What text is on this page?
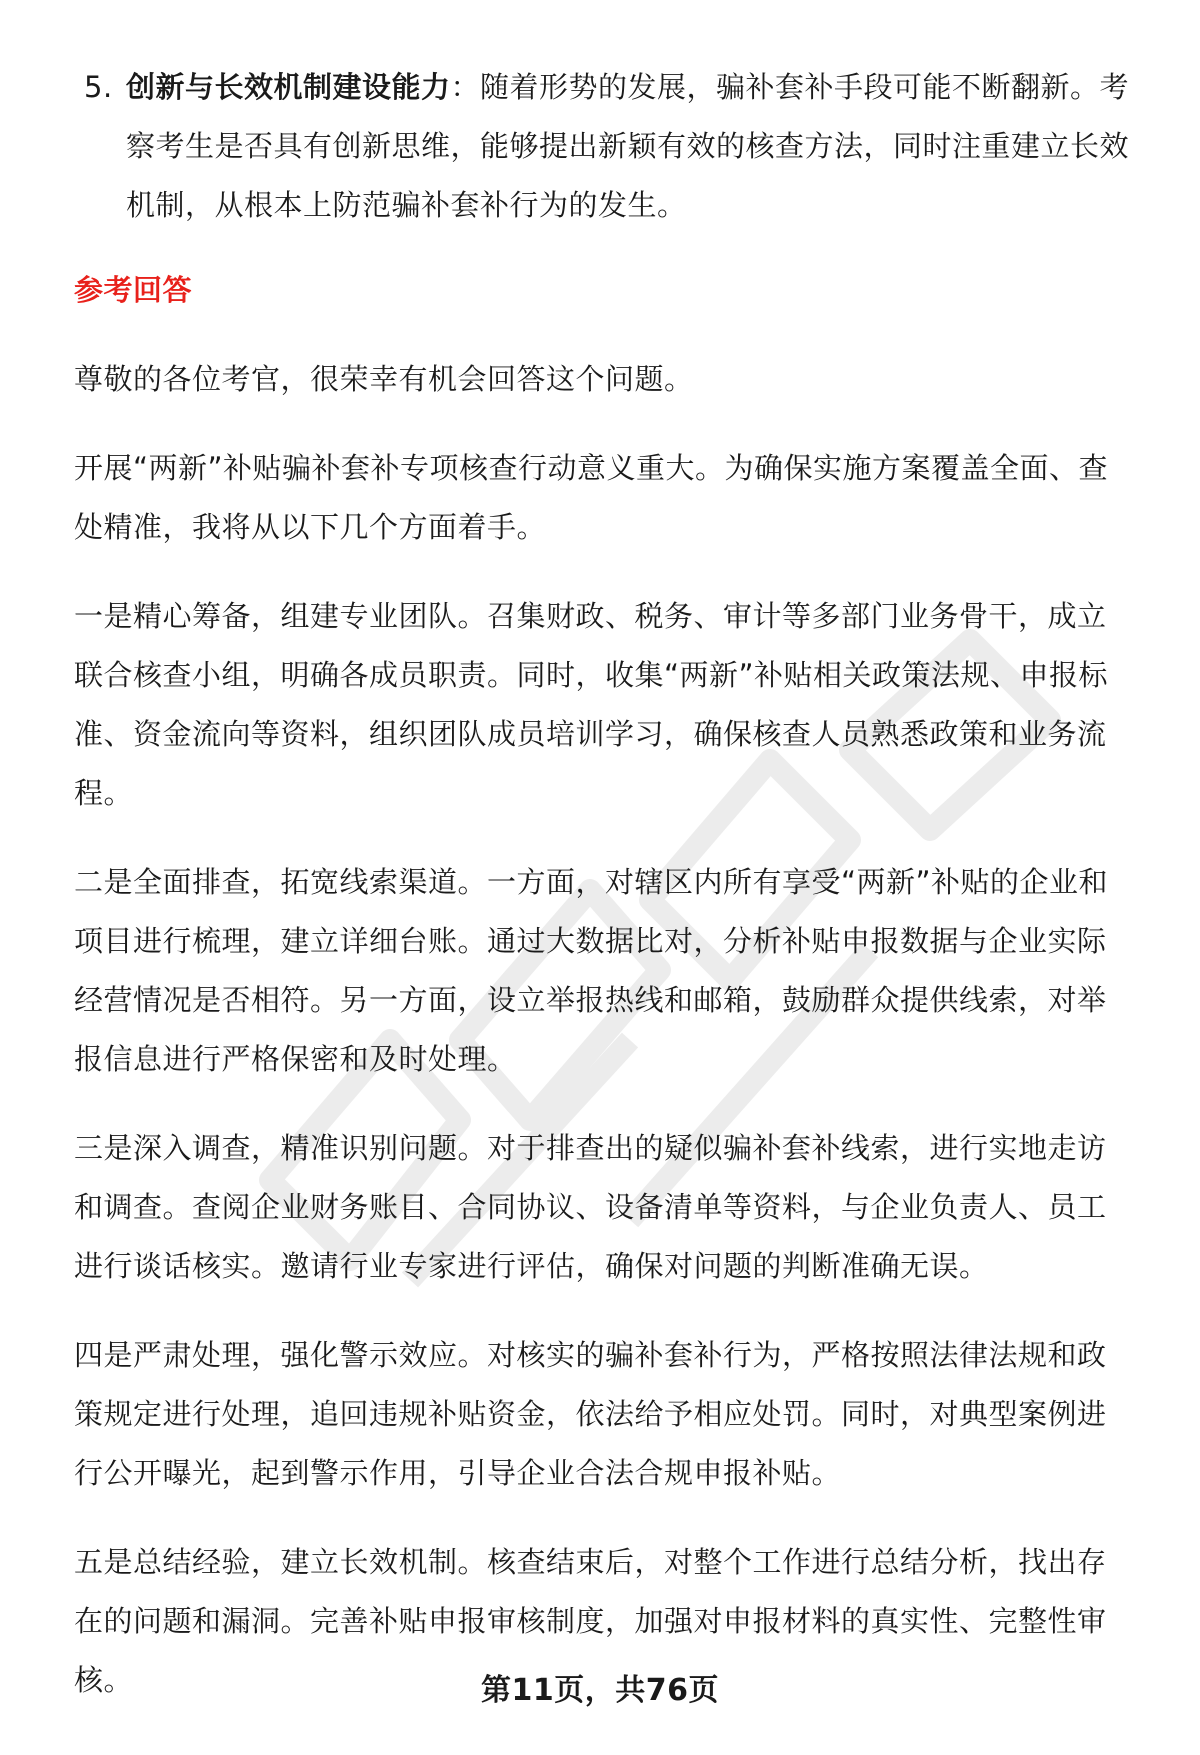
5. 创新与长效机制建设能力：随着形势的发展，骗补套补手段可能不断翻新。考察考生是否具有创新思维，能够提出新颖有效的核查方法，同时注重建立长效机制，从根本上防范骗补套补行为的发生。
参考回答

尊敬的各位考官，很荣幸有机会回答这个问题。

开展“两新”补贴骗补套补专项核查行动意义重大。为确保实施方案覆盖全面、查处精准，我将从以下几个方面着手。

一是精心筹备，组建专业团队。召集财政、税务、审计等多部门业务骨干，成立联合核查小组，明确各成员职责。同时，收集“两新”补贴相关政策法规、申报标准、资金流向等资料，组织团队成员培训学习，确保核查人员熟悉政策和业务流程。

二是全面排查，拓宽线索渠道。一方面，对辖区内所有享受“两新”补贴的企业和项目进行梳理，建立详细台账。通过大数据比对，分析补贴申报数据与企业实际经营情况是否相符。另一方面，设立举报热线和邮箱，鼓励群众提供线索，对举报信息进行严格保密和及时处理。

三是深入调查，精准识别问题。对于排查出的疑似骗补套补线索，进行实地走访和调查。查阅企业财务账目、合同协议、设备清单等资料，与企业负责人、员工进行谈话核实。邀请行业专家进行评估，确保对问题的判断准确无误。

四是严肃处理，强化警示效应。对核实的骗补套补行为，严格按照法律法规和政策规定进行处理，追回违规补贴资金，依法给予相应处罚。同时，对典型案例进行公开曝光，起到警示作用，引导企业合法合规申报补贴。

五是总结经验，建立长效机制。核查结束后，对整个工作进行总结分析，找出存在的问题和漏洞。完善补贴申报审核制度，加强对申报材料的真实性、完整性审核。	第11页，共76页
